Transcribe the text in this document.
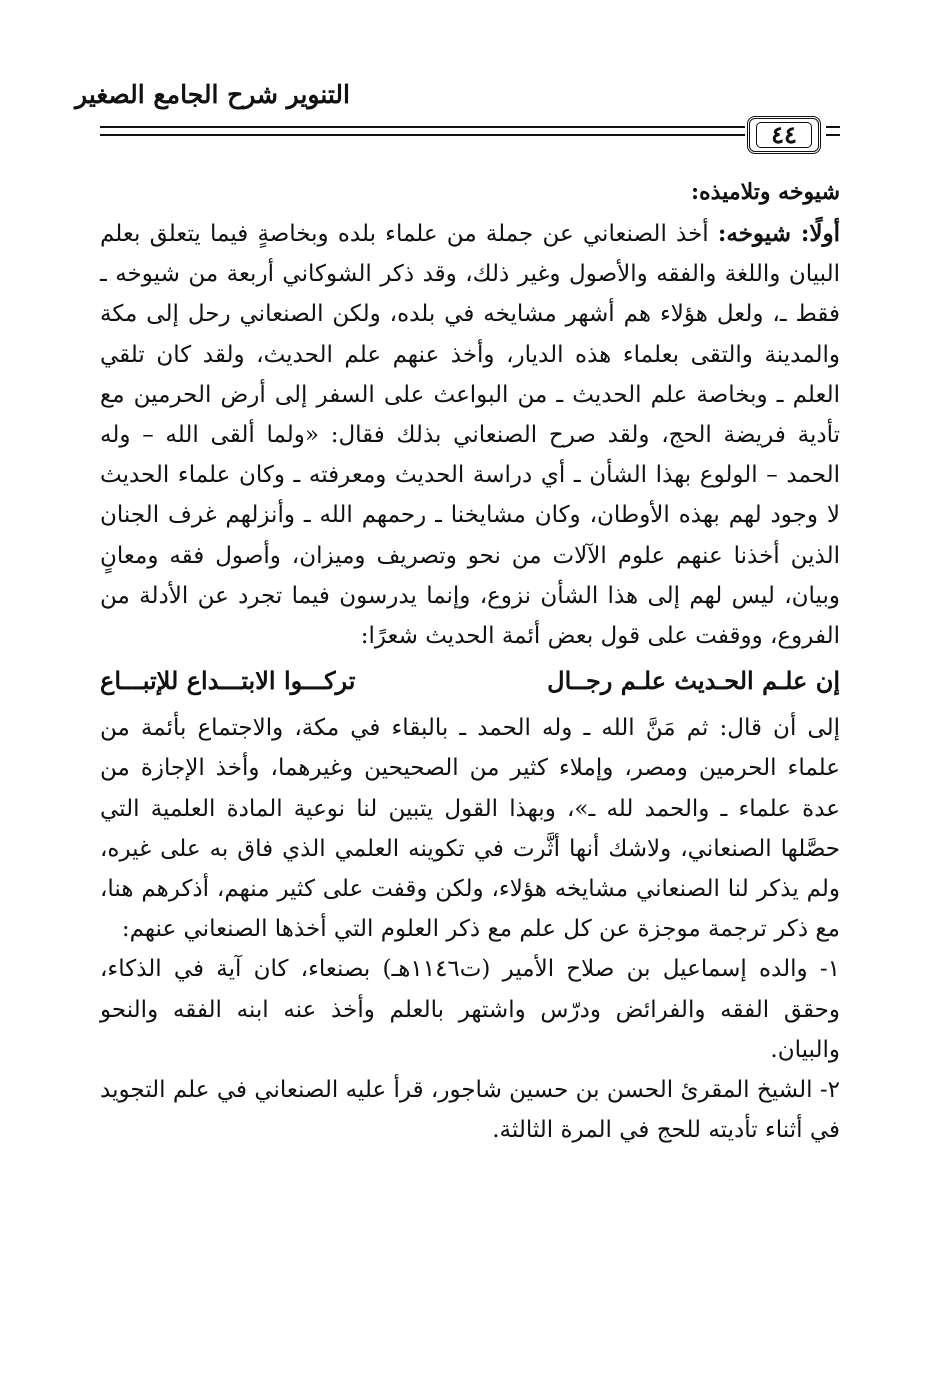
التنوير شرح الجامع الصغير
٤٤
شيوخه وتلاميذه:

أولًا: شيوخه: أخذ الصنعاني عن جملة من علماء بلده وبخاصةٍ فيما يتعلق بعلم البيان واللغة والفقه والأصول وغير ذلك، وقد ذكر الشوكاني أربعة من شيوخه ـ فقط ـ، ولعل هؤلاء هم أشهر مشايخه في بلده، ولكن الصنعاني رحل إلى مكة والمدينة والتقى بعلماء هذه الديار، وأخذ عنهم علم الحديث، ولقد كان تلقي العلم ـ وبخاصة علم الحديث ـ من البواعث على السفر إلى أرض الحرمين مع تأدية فريضة الحج، ولقد صرح الصنعاني بذلك فقال: «ولما ألقى الله – وله الحمد – الولوع بهذا الشأن ـ أي دراسة الحديث ومعرفته ـ وكان علماء الحديث لا وجود لهم بهذه الأوطان، وكان مشايخنا ـ رحمهم الله ـ وأنزلهم غرف الجنان الذين أخذنا عنهم علوم الآلات من نحو وتصريف وميزان، وأصول فقه ومعانٍ وبيان، ليس لهم إلى هذا الشأن نزوع، وإنما يدرسون فيما تجرد عن الأدلة من الفروع، ووقفت على قول بعض أئمة الحديث شعرًا:

إن علـم الحـديث علـم رجــال
تركـــوا الابتـــداع للإتبـــاع

إلى أن قال: ثم مَنَّ الله ـ وله الحمد ـ بالبقاء في مكة، والاجتماع بأئمة من علماء الحرمين ومصر، وإملاء كثير من الصحيحين وغيرهما، وأخذ الإجازة من عدة علماء ـ والحمد لله ـ»، وبهذا القول يتبين لنا نوعية المادة العلمية التي حصَّلها الصنعاني، ولاشك أنها أثَّرت في تكوينه العلمي الذي فاق به على غيره، ولم يذكر لنا الصنعاني مشايخه هؤلاء، ولكن وقفت على كثير منهم، أذكرهم هنا، مع ذكر ترجمة موجزة عن كل علم مع ذكر العلوم التي أخذها الصنعاني عنهم:

١- والده إسماعيل بن صلاح الأمير (ت١١٤٦هـ) بصنعاء، كان آية في الذكاء، وحقق الفقه والفرائض ودرّس واشتهر بالعلم وأخذ عنه ابنه الفقه والنحو والبيان.

٢- الشيخ المقرئ الحسن بن حسين شاجور، قرأ عليه الصنعاني في علم التجويد في أثناء تأديته للحج في المرة الثالثة.
